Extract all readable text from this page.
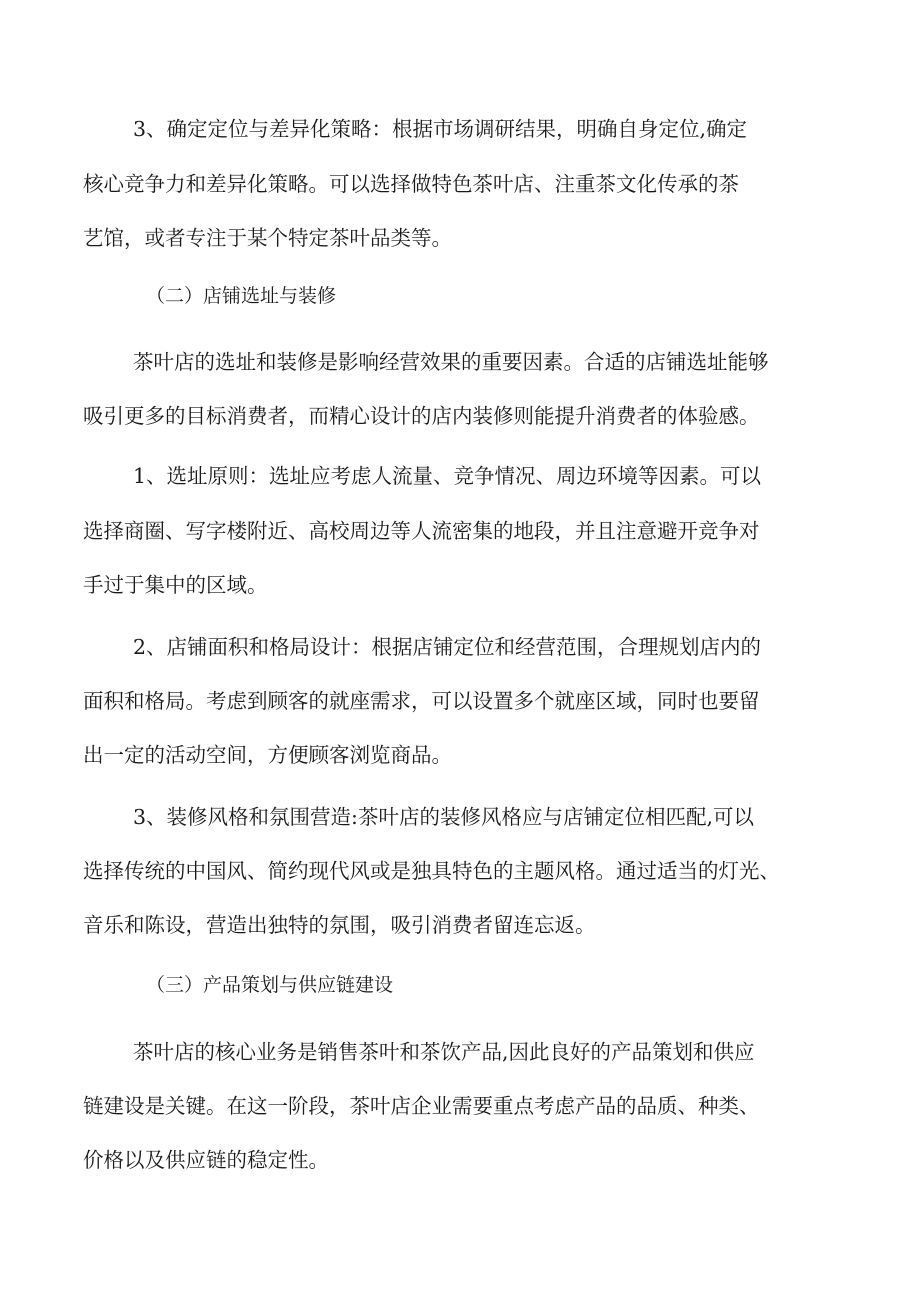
3、确定定位与差异化策略：根据市场调研结果，明确自身定位,确定

核心竞争力和差异化策略。可以选择做特色茶叶店、注重茶文化传承的茶

艺馆，或者专注于某个特定茶叶品类等。

（二）店铺选址与装修

茶叶店的选址和装修是影响经营效果的重要因素。合适的店铺选址能够

吸引更多的目标消费者，而精心设计的店内装修则能提升消费者的体验感。

1、选址原则：选址应考虑人流量、竞争情况、周边环境等因素。可以

选择商圈、写字楼附近、高校周边等人流密集的地段，并且注意避开竞争对

手过于集中的区域。

2、店铺面积和格局设计：根据店铺定位和经营范围，合理规划店内的

面积和格局。考虑到顾客的就座需求，可以设置多个就座区域，同时也要留

出一定的活动空间，方便顾客浏览商品。

3、装修风格和氛围营造:茶叶店的装修风格应与店铺定位相匹配,可以

选择传统的中国风、简约现代风或是独具特色的主题风格。通过适当的灯光、

音乐和陈设，营造出独特的氛围，吸引消费者留连忘返。

（三）产品策划与供应链建设

茶叶店的核心业务是销售茶叶和茶饮产品,因此良好的产品策划和供应

链建设是关键。在这一阶段，茶叶店企业需要重点考虑产品的品质、种类、

价格以及供应链的稳定性。
